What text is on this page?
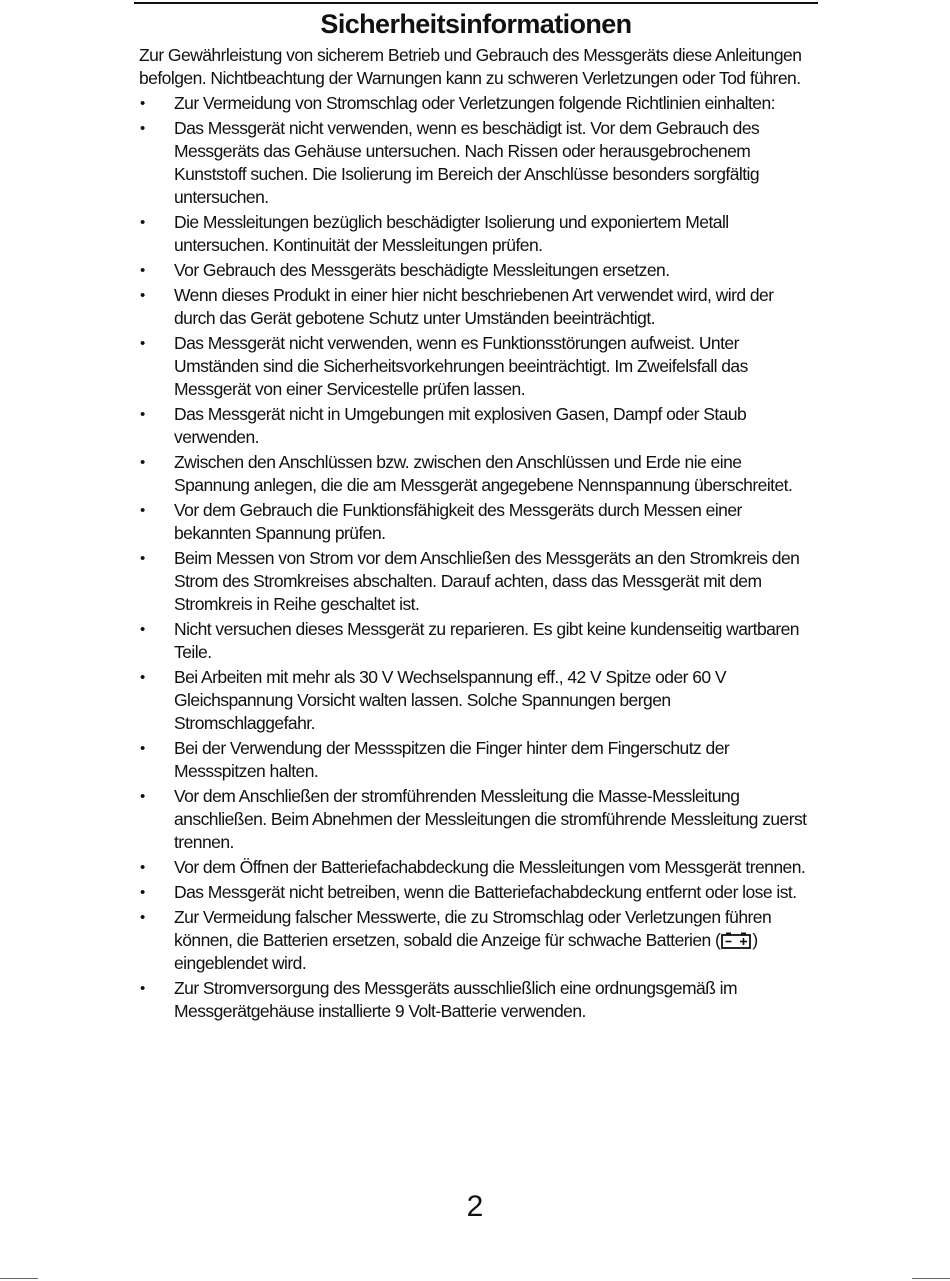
Sicherheitsinformationen

Zur Gewährleistung von sicherem Betrieb und Gebrauch des Messgeräts diese Anleitungen befolgen. Nichtbeachtung der Warnungen kann zu schweren Verletzungen oder Tod führen.

• Zur Vermeidung von Stromschlag oder Verletzungen folgende Richtlinien einhalten:
• Das Messgerät nicht verwenden, wenn es beschädigt ist. Vor dem Gebrauch des Messgeräts das Gehäuse untersuchen. Nach Rissen oder herausgebrochenem Kunststoff suchen. Die Isolierung im Bereich der Anschlüsse besonders sorgfältig untersuchen.
• Die Messleitungen bezüglich beschädigter Isolierung und exponiertem Metall untersuchen. Kontinuität der Messleitungen prüfen.
• Vor Gebrauch des Messgeräts beschädigte Messleitungen ersetzen.
• Wenn dieses Produkt in einer hier nicht beschriebenen Art verwendet wird, wird der durch das Gerät gebotene Schutz unter Umständen beeinträchtigt.
• Das Messgerät nicht verwenden, wenn es Funktionsstörungen aufweist. Unter Umständen sind die Sicherheitsvorkehrungen beeinträchtigt. Im Zweifelsfall das Messgerät von einer Servicestelle prüfen lassen.
• Das Messgerät nicht in Umgebungen mit explosiven Gasen, Dampf oder Staub verwenden.
• Zwischen den Anschlüssen bzw. zwischen den Anschlüssen und Erde nie eine Spannung anlegen, die die am Messgerät angegebene Nennspannung überschreitet.
• Vor dem Gebrauch die Funktionsfähigkeit des Messgeräts durch Messen einer bekannten Spannung prüfen.
• Beim Messen von Strom vor dem Anschließen des Messgeräts an den Stromkreis den Strom des Stromkreises abschalten. Darauf achten, dass das Messgerät mit dem Stromkreis in Reihe geschaltet ist.
• Nicht versuchen dieses Messgerät zu reparieren. Es gibt keine kundenseitig wartbaren Teile.
• Bei Arbeiten mit mehr als 30 V Wechselspannung eff., 42 V Spitze oder 60 V Gleichspannung Vorsicht walten lassen. Solche Spannungen bergen Stromschlaggefahr.
• Bei der Verwendung der Messspitzen die Finger hinter dem Fingerschutz der Messspitzen halten.
• Vor dem Anschließen der stromführenden Messleitung die Masse-Messleitung anschließen. Beim Abnehmen der Messleitungen die stromführende Messleitung zuerst trennen.
• Vor dem Öffnen der Batteriefachabdeckung die Messleitungen vom Messgerät trennen.
• Das Messgerät nicht betreiben, wenn die Batteriefachabdeckung entfernt oder lose ist.
• Zur Vermeidung falscher Messwerte, die zu Stromschlag oder Verletzungen führen können, die Batterien ersetzen, sobald die Anzeige für schwache Batterien ( ) eingeblendet wird.
• Zur Stromversorgung des Messgeräts ausschließlich eine ordnungsgemäß im Messgerätgehäuse installierte 9 Volt-Batterie verwenden.
2
